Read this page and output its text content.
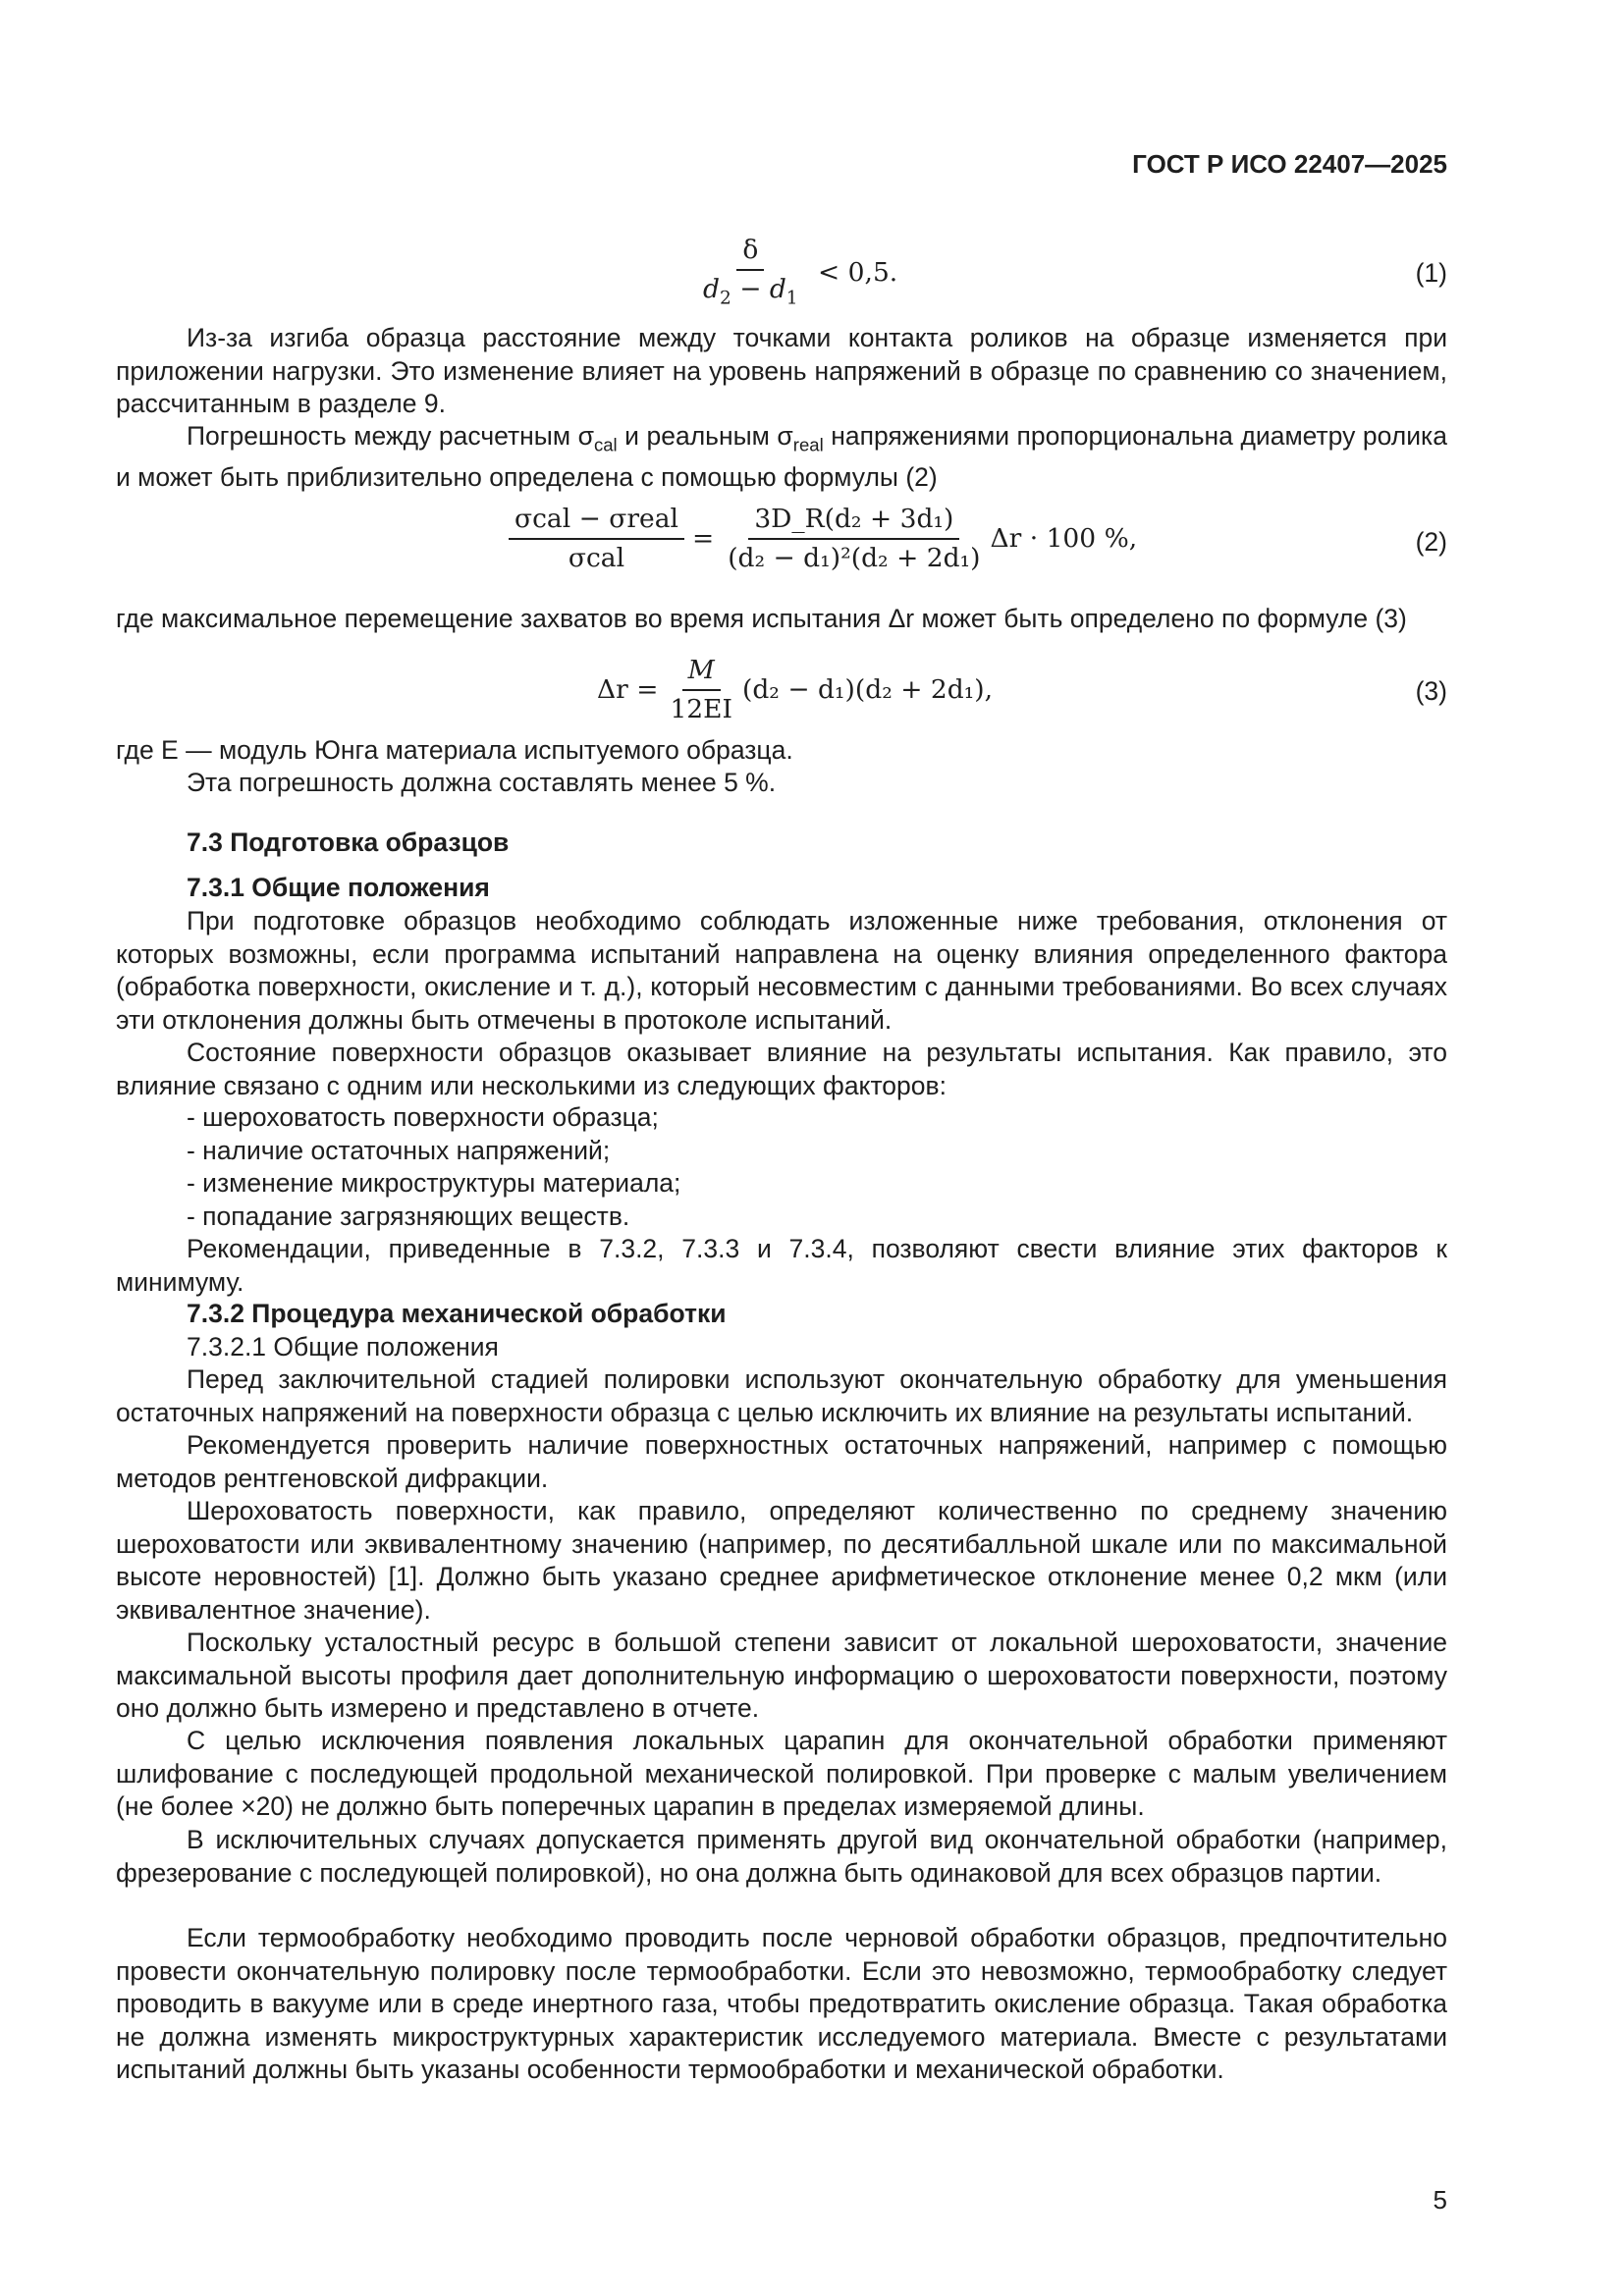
ГОСТ Р ИСО 22407—2025
$\frac{\delta}{d_2 - d_1} < 0,5$.	(1)

Из-за изгиба образца расстояние между точками контакта роликов на образце изменяется при приложении нагрузки. Это изменение влияет на уровень напряжений в образце по сравнению со значением, рассчитанным в разделе 9.

Погрешность между расчетным $\sigma_{cal}$ и реальным $\sigma_{real}$ напряжениями пропорциональна диаметру ролика и может быть приблизительно определена с помощью формулы (2)

$\frac{\text{σcal − σreal}}{\text{σcal}} = \frac{\text{3D\_R(d₂ + 3d₁)}}{\text{(d₂ − d₁)²(d₂ + 2d₁)}}$ Δr · 100 %,	(2)

где максимальное перемещение захватов во время испытания Δr может быть определено по формуле (3)

$\Delta r = \frac{M}{12EI} (d_2 - d_1)(d_2 + 2d_1)$,	(3)

где E — модуль Юнга материала испытуемого образца.

Эта погрешность должна составлять менее 5 %.

7.3 Подготовка образцов

7.3.1 Общие положения

При подготовке образцов необходимо соблюдать изложенные ниже требования, отклонения от которых возможны, если программа испытаний направлена на оценку влияния определенного фактора (обработка поверхности, окисление и т. д.), который несовместим с данными требованиями. Во всех случаях эти отклонения должны быть отмечены в протоколе испытаний.

Состояние поверхности образцов оказывает влияние на результаты испытания. Как правило, это влияние связано с одним или несколькими из следующих факторов:

- шероховатость поверхности образца;

- наличие остаточных напряжений;

- изменение микроструктуры материала;

- попадание загрязняющих веществ.

Рекомендации, приведенные в 7.3.2, 7.3.3 и 7.3.4, позволяют свести влияние этих факторов к минимуму.

7.3.2 Процедура механической обработки

7.3.2.1 Общие положения

Перед заключительной стадией полировки используют окончательную обработку для уменьшения остаточных напряжений на поверхности образца с целью исключить их влияние на результаты испытаний.

Рекомендуется проверить наличие поверхностных остаточных напряжений, например с помощью методов рентгеновской дифракции.

Шероховатость поверхности, как правило, определяют количественно по среднему значению шероховатости или эквивалентному значению (например, по десятибалльной шкале или по максимальной высоте неровностей) [1]. Должно быть указано среднее арифметическое отклонение менее 0,2 мкм (или эквивалентное значение).

Поскольку усталостный ресурс в большой степени зависит от локальной шероховатости, значение максимальной высоты профиля дает дополнительную информацию о шероховатости поверхности, поэтому оно должно быть измерено и представлено в отчете.

С целью исключения появления локальных царапин для окончательной обработки применяют шлифование с последующей продольной механической полировкой. При проверке с малым увеличением (не более ×20) не должно быть поперечных царапин в пределах измеряемой длины.

В исключительных случаях допускается применять другой вид окончательной обработки (например, фрезерование с последующей полировкой), но она должна быть одинаковой для всех образцов партии.

Если термообработку необходимо проводить после черновой обработки образцов, предпочтительно провести окончательную полировку после термообработки. Если это невозможно, термообработку следует проводить в вакууме или в среде инертного газа, чтобы предотвратить окисление образца. Такая обработка не должна изменять микроструктурных характеристик исследуемого материала. Вместе с результатами испытаний должны быть указаны особенности термообработки и механической обработки.

5
